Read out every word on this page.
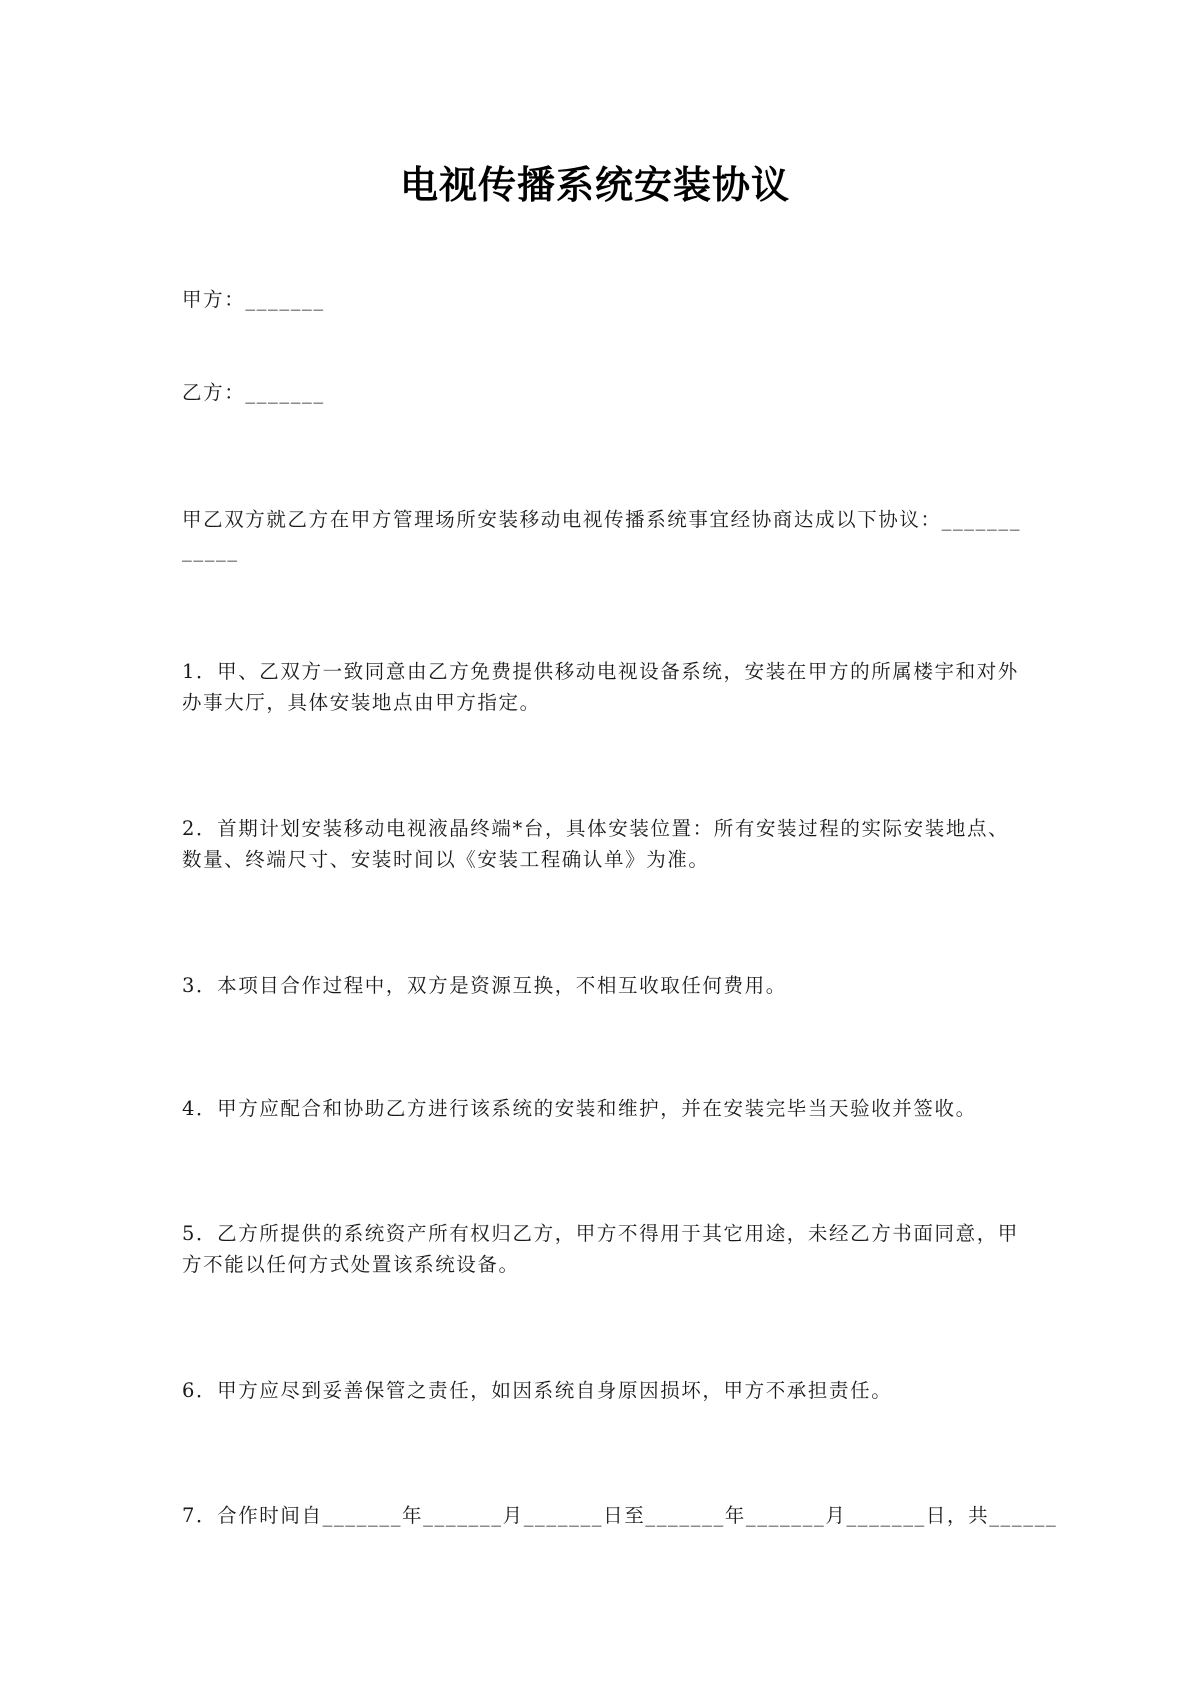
电视传播系统安装协议
甲方：_______
乙方：_______
甲乙双方就乙方在甲方管理场所安装移动电视传播系统事宜经协商达成以下协议：_______
_____
1．甲、乙双方一致同意由乙方免费提供移动电视设备系统，安装在甲方的所属楼宇和对外
办事大厅，具体安装地点由甲方指定。
2．首期计划安装移动电视液晶终端*台，具体安装位置：所有安装过程的实际安装地点、
数量、终端尺寸、安装时间以《安装工程确认单》为准。
3．本项目合作过程中，双方是资源互换，不相互收取任何费用。
4．甲方应配合和协助乙方进行该系统的安装和维护，并在安装完毕当天验收并签收。
5．乙方所提供的系统资产所有权归乙方，甲方不得用于其它用途，未经乙方书面同意，甲
方不能以任何方式处置该系统设备。
6．甲方应尽到妥善保管之责任，如因系统自身原因损坏，甲方不承担责任。
7．合作时间自_______年_______月_______日至_______年_______月_______日，共______
